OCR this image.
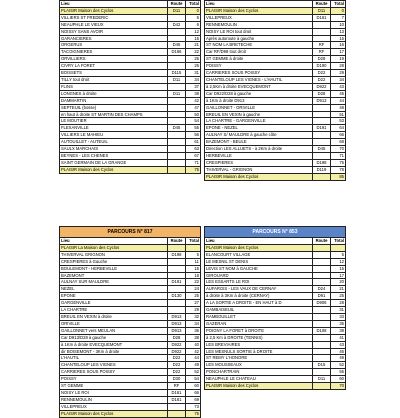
Lieu	Route	Total
PLAISIR Maison des Cyclos	D11	0
VILLIERS ST FREDERIC		5
NEAUPHLE LE VIEUX	D42	6
NOISSY SANS AVOIR		12
GARANCIERES		15
ORGERUS	D45	21
TACOIGNIERES	D166	22
ORVILLIERS		25
CIVRY LA FORET		26
BOISSETS	D115	31
TILLY tout droit	D11	34
FLINS		37
LONGNES à droite	D11	38
DAMMARTIN		42
SEPTEUIL (bosse)		47
en haut à droite ST MARTIN DES CHAMPS		50
LE MOUTIER		54
FLEXANVILLE	D45	55
VILLIERS LE MAHIEU		56
AUTOUILLET - AUTEUIL		61
SAULX MARCHAIS		63
BEYNES - LES CHENES		67
SAINT GERMAIN DE LA GRANGE		71
PLAISIR Maison des Cyclos		75
Lieu	Route	Total
PLAISIR Maison des Cyclos	D11	0
VILLEPREUX	D161	7
RENNEMOULIN		10
NOISY LE ROI tout droit		13
Après autoroute à gauche		15
ST NOM LA BRETECHE	RF	16
Car RF/D98 tout droit	RF	17
ST GEMME à droite	D28	19
POISSY	D190	28
CARRIERES SOUS POISSY	D22	29
CHANTELOUP LES VIGNES - L'HAUTIL	D22	34
à 2,5Km à droite EVECQUEMONT	D922	43
Car D922/D28 à gauche	D28	45
à 1Km à droite D913	D913	44
GAILLONNET - ORIVILLE		48
BREUIL EN VEXIN à gauche		51
LA CHARTRE - GARGENVILLE		53
EPONE - NEZEL	D191	64
AULNAY S/ MAULDRE à gauche côte		66
BAZEMONT - BEULE		68
Direction LES ALLUETS - à 2Km à droite	D45	70
HERBEVILLE		71
CRESPIERES	D198	75
THIVERVAL - GRIGNON	D119	78
PLAISIR Maison des Cyclos		85
PARCOURS N° 817
Lieu	Route	Total
PLAISIR La Maison des Cyclos		
THIVERVAL GRIGNON	D198	5
CRESPIERES à Gauche		11
BOULEMONT - HERBEVILLE		15
BAZEMONT		18
AULNAY SUR MAULDRE	D191	22
NEZEL		24
EPONE	D130	25
GARGENVILLE		27
LA CHARTRE		29
BREUIL EN VEXIN à droite	D913	32
ORIVILLE	D913	34
GAILLONNET vers MEULAN	D913	36
Car D913/D28 à gauche	D28	38
à 1Km à droite EVECQUEMONT	D922	40
dir BOISEMONT - 3Km à droite	D922	42
L'HAUTIL	D22	44
CHANTELOUP LES VIGNES	D22	49
CARRIERES SOUS POISSY	D22	52
POISSY	D30	54
ST GEMME	RF	60
NOISY LE ROI	D161	66
RENNEMOULIN	D161	69
VILLEPREUX		73
PLAISIR Maison des Cyclos		75
PARCOURS N° 853
Lieu	Route	Total
PLAISIR Maison des Cyclos		
ELANCOURT VILLAGE		5
LE MESNIL ST DENIS		12
LEVIS ST NOM à GAUCHE		15
GIROUARD		17
LES ESSARTS LE ROI		20
AUFARGIS - LES VAUX DE CERNAY	D24	21
à droite à 3Km à droite (CERNAY)	D91	25
A LA SORTIE A DROITE - EN HAUT à D	D906	28
GAMBAISEUIL		31
RAMBOUILLET		33
GAZERAN		35
POIGNY LA FORET à DROITE	D108	38
à 2,5 Km à DROITE (TENNIS)		41
LES BREVIAIRES		43
LES MESNULS SORTIE à DROITE		46
ST REMY L'HONORE		49
LES MOUSSEAUX	D15	52
PONCHARTRAIN		55
NEAUPHLE LE CHATEAU	D11	60
PLAISIR Maison des Cyclos		70
